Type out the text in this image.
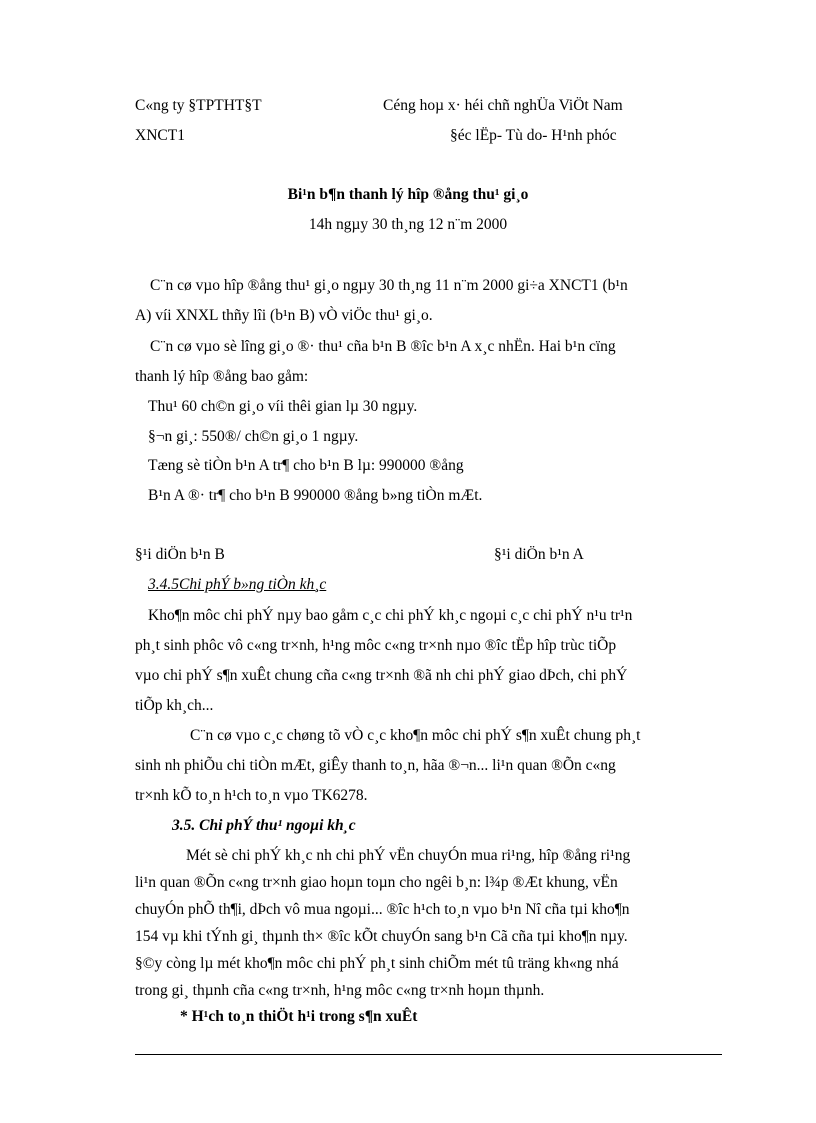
C«ng ty §TPTHT§T
XNCT1
Céng hoµ x· héi chñ nghÜa ViÖt Nam
§éc lËp- Tù do- H¹nh phóc
Bi¹n b¶n thanh lý hîp ®ång thu¹ gi¸o
14h ngµy 30 th¸ng 12 n¨m 2000
C¨n cø vµo hîp ®ång thu¹ gi¸o ngµy 30 th¸ng 11 n¨m 2000 gi÷a XNCT1 (b¹n
A) víi XNXL thñy lîi (b¹n B) vÒ viÖc thu¹ gi¸o.
C¨n cø vµo sè lîng gi¸o ®· thu¹ cña b¹n B ®îc b¹n A x¸c nhËn. Hai b¹n cïng
thanh lý hîp ®ång bao gåm:
Thu¹ 60 ch©n gi¸o víi thêi gian lµ 30 ngµy.
§¬n gi¸: 550®/ ch©n gi¸o 1 ngµy.
Tæng sè tiÒn b¹n A tr¶ cho b¹n B lµ: 990000 ®ång
B¹n A ®· tr¶ cho b¹n B 990000 ®ång b»ng tiÒn mÆt.
§¹i diÖn b¹n B	§¹i diÖn b¹n A
3.4.5Chi phÝ b»ng tiÒn kh¸c
Kho¶n môc chi phÝ nµy bao gåm c¸c chi phÝ kh¸c ngoµi c¸c chi phÝ n¹u tr¹n
ph¸t sinh phôc vô c«ng tr×nh, h¹ng môc c«ng tr×nh nµo ®îc tËp hîp trùc tiÕp
vµo chi phÝ s¶n xuÊt chung cña c«ng tr×nh ®ã nh chi phÝ giao dÞch, chi phÝ
tiÕp kh¸ch...
C¨n cø vµo c¸c chøng tõ vÒ c¸c kho¶n môc chi phÝ s¶n xuÊt chung ph¸t
sinh nh phiÕu chi tiÒn mÆt, giÊy thanh to¸n, hãa ®¬n... li¹n quan ®Õn c«ng
tr×nh kÕ to¸n h¹ch to¸n vµo TK6278.
3.5. Chi phÝ thu¹ ngoµi kh¸c
Mét sè chi phÝ kh¸c nh chi phÝ vËn chuyÓn mua ri¹ng, hîp ®ång ri¹ng
li¹n quan ®Õn c«ng tr×nh giao hoµn toµn cho ngêi b¸n: l¾p ®Æt khung, vËn
chuyÓn phÕ th¶i, dÞch vô mua ngoµi... ®îc h¹ch to¸n vµo b¹n Nî cña tµi kho¶n
154 vµ khi tÝnh gi¸ thµnh th× ®îc kÕt chuyÓn sang b¹n Cã cña tµi kho¶n nµy.
§©y còng lµ mét kho¶n môc chi phÝ ph¸t sinh chiÕm mét tû träng kh«ng nhá
trong gi¸ thµnh cña c«ng tr×nh, h¹ng môc c«ng tr×nh hoµn thµnh.
* H¹ch to¸n thiÖt h¹i trong s¶n xuÊt
